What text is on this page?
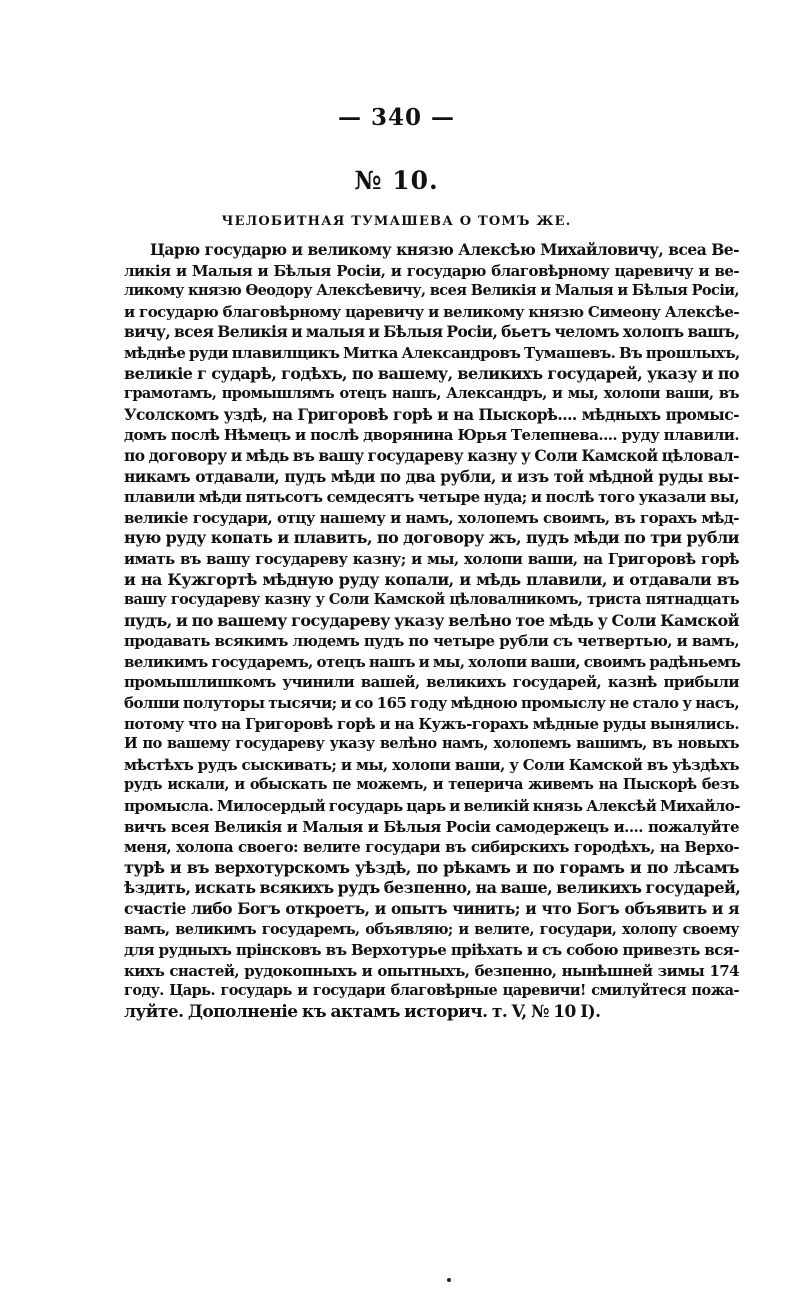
— 340 —
№ 10.
ЧЕЛОБИТНАЯ ТУМАШЕВА О ТОМЪ ЖЕ.
Царю государю и великому князю Алексѣю Михайловичу, всеа Ве-
ликія и Малыя и Бѣлыя Росіи, и государю благовѣрному царевичу и ве-
ликому князю Ѳеодору Алексѣевичу, всея Великія и Малыя и Бѣлыя Росіи,
и государю благовѣрному царевичу и великому князю Симеону Алексѣе-
вичу, всея Великія и малыя и Бѣлыя Росіи, бьетъ челомъ холопъ вашъ,
мѣднѣе руди плавилщикъ Митка Александровъ Тумашевъ. Въ прошлыхъ,
великіе г сударѣ, годѣхъ, по вашему, великихъ государей, указу и по
грамотамъ, промышлямъ отецъ нашъ, Александръ, и мы, холопи ваши, въ
Усолскомъ уздѣ, на Григоровѣ горѣ и на Пыскорѣ.... мѣдныхъ промыс-
домъ послѣ Нѣмецъ и послѣ дворянина Юрья Телепнева.... руду плавили.
по договору и мѣдь въ вашу государеву казну у Соли Камской цѣловал-
никамъ отдавали, пудъ мѣди по два рубли, и изъ той мѣдной руды вы-
плавили мѣди пятьсотъ семдесятъ четыре нуда; и послѣ того указали вы,
великіе государи, отцу нашему и намъ, холопемъ своимъ, въ горахъ мѣд-
ную руду копать и плавить, по договору жъ, пудъ мѣди по три рубли
имать въ вашу государеву казну; и мы, холопи ваши, на Григоровѣ горѣ
и на Кужгортѣ мѣдную руду копали, и мѣдь плавили, и отдавали въ
вашу государеву казну у Соли Камской цѣловалникомъ, триста пятнадцать
пудъ, и по вашему государеву указу велѣно тое мѣдь у Соли Камской
продавать всякимъ людемъ пудъ по четыре рубли съ четвертью, и вамъ,
великимъ государемъ, отецъ нашъ и мы, холопи ваши, своимъ радѣньемъ
промышлишкомъ учинили вашей, великихъ государей, казнѣ прибыли
болши полуторы тысячи; и со 165 году мѣдною промыслу не стало у насъ,
потому что на Григоровѣ горѣ и на Кужъ-горахъ мѣдные руды вынялись.
И по вашему государеву указу велѣно намъ, холопемъ вашимъ, въ новыхъ
мѣстѣхъ рудъ сыскивать; и мы, холопи ваши, у Соли Камской въ уѣздѣхъ
рудъ искали, и обыскать пе можемъ, и теперича живемъ на Пыскорѣ безъ
промысла. Милосердый государь царь и великій князь Алексѣй Михайло-
вичъ всея Великія и Малыя и Бѣлыя Росіи самодержецъ и.... пожалуйте
меня, холопа своего: велите государи въ сибирскихъ городѣхъ, на Верхо-
турѣ и въ верхотурскомъ уѣздѣ, по рѣкамъ и по горамъ и по лѣсамъ
ѣздить, искать всякихъ рудъ безпенно, на ваше, великихъ государей,
счастіе либо Богъ откроетъ, и опытъ чинить; и что Богъ объявить и я
вамъ, великимъ государемъ, объявляю; и велите, государи, холопу своему
для рудныхъ прінсковъ въ Верхотурье пріѣхать и съ собою привезть вся-
кихъ снастей, рудокопныхъ и опытныхъ, безпенно, нынѣшней зимы 174
году. Царь. государь и государи благовѣрные царевичи! смилуйтеся пожа-
луйте. Дополненіе къ актамъ историч. т. V, № 10 I).
